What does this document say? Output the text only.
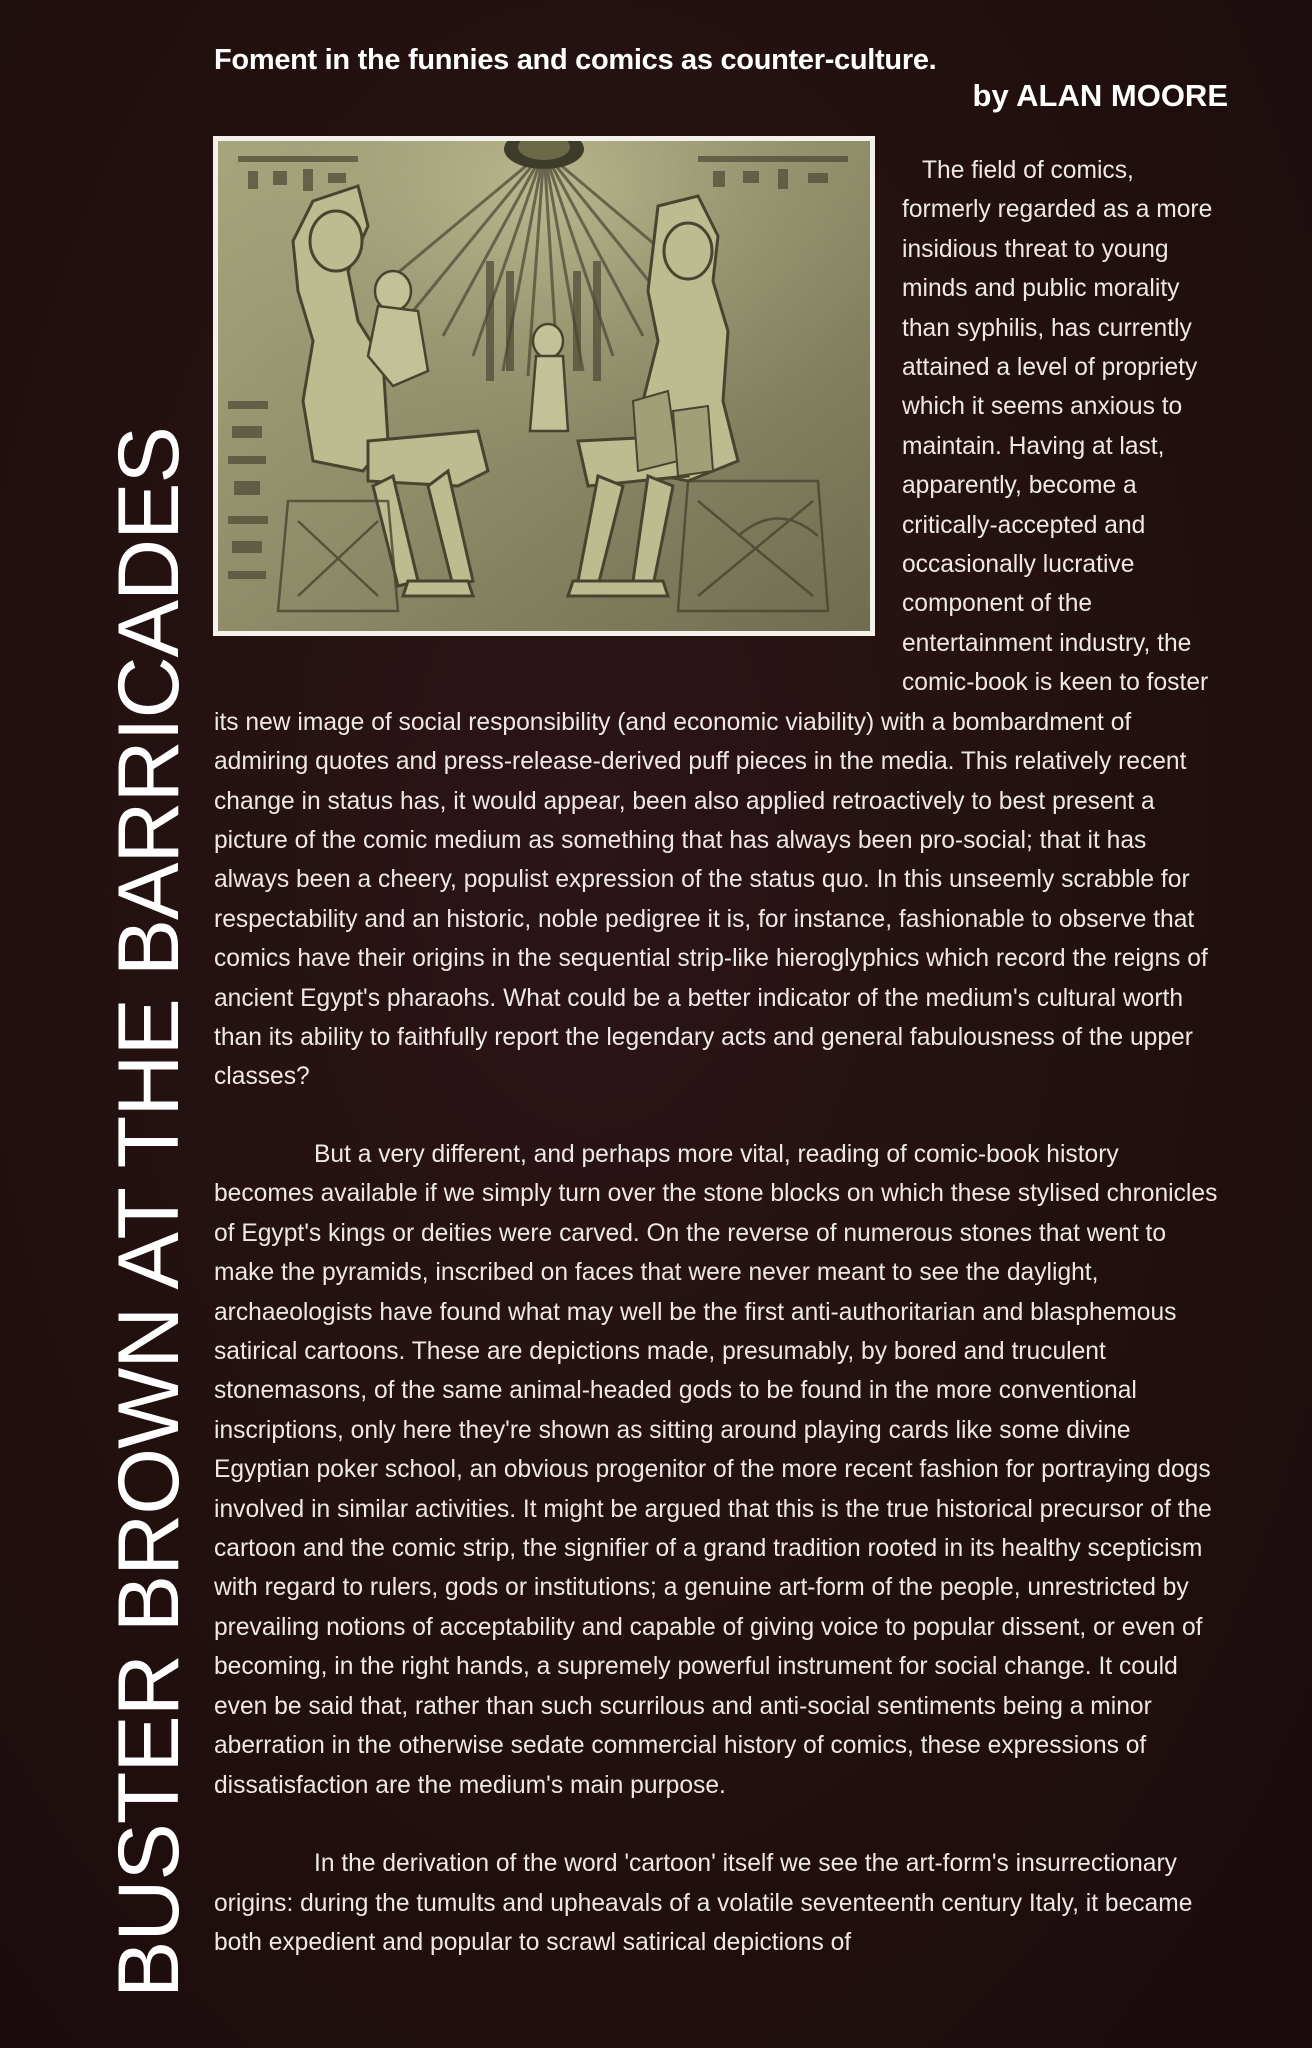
BUSTER BROWN AT THE BARRICADES
Foment in the funnies and comics as counter-culture.
by ALAN MOORE

The field of comics, formerly regarded as a more insidious threat to young minds and public morality than syphilis, has currently attained a level of propriety which it seems anxious to maintain. Having at last, apparently, become a critically-accepted and occasionally lucrative component of the entertainment industry, the comic-book is keen to foster its new image of social responsibility (and economic viability) with a bombardment of admiring quotes and press-release-derived puff pieces in the media. This relatively recent change in status has, it would appear, been also applied retroactively to best present a picture of the comic medium as something that has always been pro-social; that it has always been a cheery, populist expression of the status quo. In this unseemly scrabble for respectability and an historic, noble pedigree it is, for instance, fashionable to observe that comics have their origins in the sequential strip-like hieroglyphics which record the reigns of ancient Egypt's pharaohs. What could be a better indicator of the medium's cultural worth than its ability to faithfully report the legendary acts and general fabulousness of the upper classes?

But a very different, and perhaps more vital, reading of comic-book history becomes available if we simply turn over the stone blocks on which these stylised chronicles of Egypt's kings or deities were carved. On the reverse of numerous stones that went to make the pyramids, inscribed on faces that were never meant to see the daylight, archaeologists have found what may well be the first anti-authoritarian and blasphemous satirical cartoons. These are depictions made, presumably, by bored and truculent stonemasons, of the same animal-headed gods to be found in the more conventional inscriptions, only here they're shown as sitting around playing cards like some divine Egyptian poker school, an obvious progenitor of the more recent fashion for portraying dogs involved in similar activities. It might be argued that this is the true historical precursor of the cartoon and the comic strip, the signifier of a grand tradition rooted in its healthy scepticism with regard to rulers, gods or institutions; a genuine art-form of the people, unrestricted by prevailing notions of acceptability and capable of giving voice to popular dissent, or even of becoming, in the right hands, a supremely powerful instrument for social change. It could even be said that, rather than such scurrilous and anti-social sentiments being a minor aberration in the otherwise sedate commercial history of comics, these expressions of dissatisfaction are the medium's main purpose.

In the derivation of the word 'cartoon' itself we see the art-form's insurrectionary origins: during the tumults and upheavals of a volatile seventeenth century Italy, it became both expedient and popular to scrawl satirical depictions of
